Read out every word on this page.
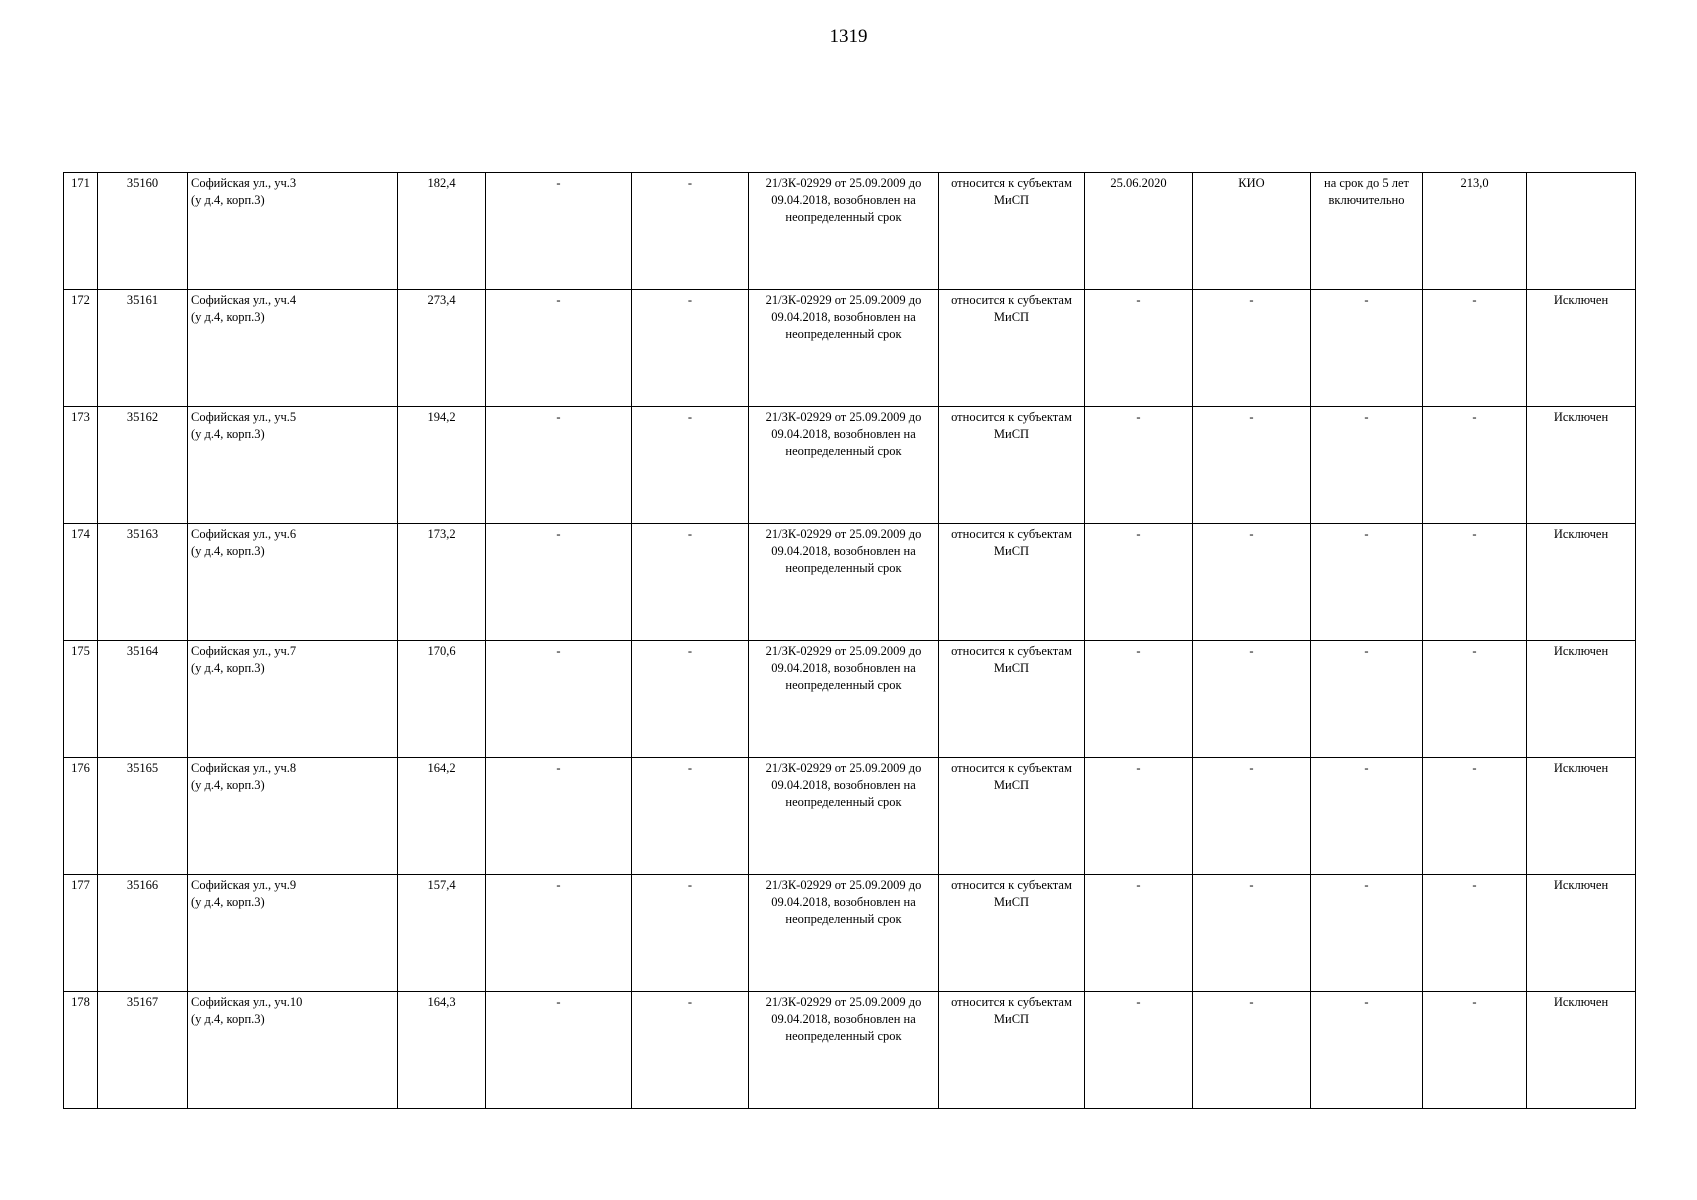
1319
171	35160	Софийская ул., уч.3
(у д.4, корп.3)	182,4	-	-	21/ЗК-02929 от 25.09.2009 до 09.04.2018, возобновлен на неопределенный срок	относится к субъектам МиСП	25.06.2020	КИО	на срок до 5 лет включительно	213,0	
172	35161	Софийская ул., уч.4
(у д.4, корп.3)	273,4	-	-	21/ЗК-02929 от 25.09.2009 до 09.04.2018, возобновлен на неопределенный срок	относится к субъектам МиСП	-	-	-	-	Исключен
173	35162	Софийская ул., уч.5
(у д.4, корп.3)	194,2	-	-	21/ЗК-02929 от 25.09.2009 до 09.04.2018, возобновлен на неопределенный срок	относится к субъектам МиСП	-	-	-	-	Исключен
174	35163	Софийская ул., уч.6
(у д.4, корп.3)	173,2	-	-	21/ЗК-02929 от 25.09.2009 до 09.04.2018, возобновлен на неопределенный срок	относится к субъектам МиСП	-	-	-	-	Исключен
175	35164	Софийская ул., уч.7
(у д.4, корп.3)	170,6	-	-	21/ЗК-02929 от 25.09.2009 до 09.04.2018, возобновлен на неопределенный срок	относится к субъектам МиСП	-	-	-	-	Исключен
176	35165	Софийская ул., уч.8
(у д.4, корп.3)	164,2	-	-	21/ЗК-02929 от 25.09.2009 до 09.04.2018, возобновлен на неопределенный срок	относится к субъектам МиСП	-	-	-	-	Исключен
177	35166	Софийская ул., уч.9
(у д.4, корп.3)	157,4	-	-	21/ЗК-02929 от 25.09.2009 до 09.04.2018, возобновлен на неопределенный срок	относится к субъектам МиСП	-	-	-	-	Исключен
178	35167	Софийская ул., уч.10
(у д.4, корп.3)	164,3	-	-	21/ЗК-02929 от 25.09.2009 до 09.04.2018, возобновлен на неопределенный срок	относится к субъектам МиСП	-	-	-	-	Исключен
